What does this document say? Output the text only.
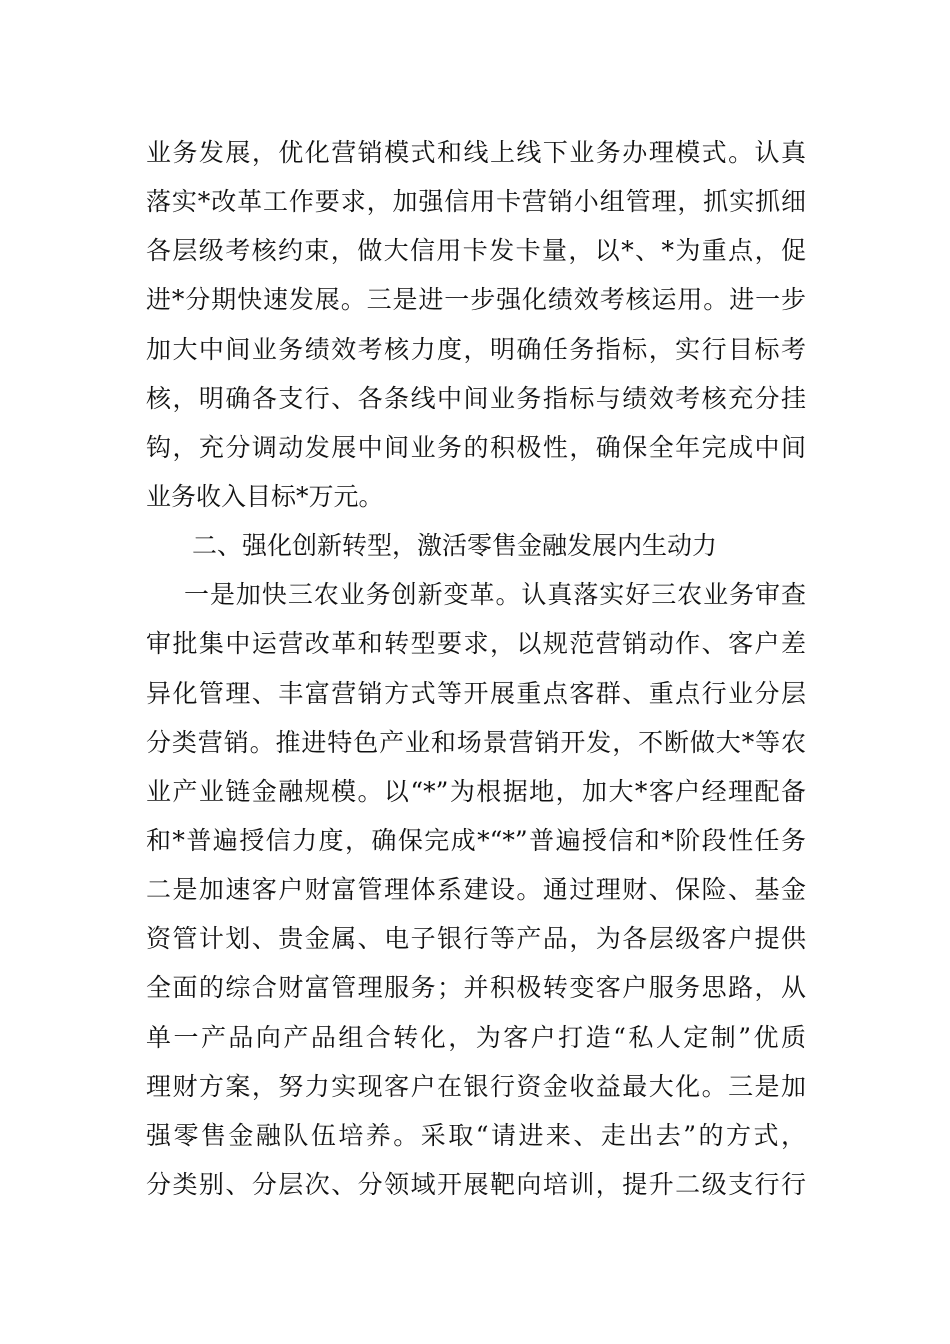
业务发展，优化营销模式和线上线下业务办理模式。认真
落实*改革工作要求，加强信用卡营销小组管理，抓实抓细
各层级考核约束，做大信用卡发卡量，以*、*为重点，促
进*分期快速发展。三是进一步强化绩效考核运用。进一步
加大中间业务绩效考核力度，明确任务指标，实行目标考
核，明确各支行、各条线中间业务指标与绩效考核充分挂
钩，充分调动发展中间业务的积极性，确保全年完成中间
业务收入目标*万元。
二、强化创新转型，激活零售金融发展内生动力
一是加快三农业务创新变革。认真落实好三农业务审查
审批集中运营改革和转型要求，以规范营销动作、客户差
异化管理、丰富营销方式等开展重点客群、重点行业分层
分类营销。推进特色产业和场景营销开发，不断做大*等农
业产业链金融规模。以“*”为根据地，加大*客户经理配备
和*普遍授信力度，确保完成*“*”普遍授信和*阶段性任务
二是加速客户财富管理体系建设。通过理财、保险、基金
资管计划、贵金属、电子银行等产品，为各层级客户提供
全面的综合财富管理服务；并积极转变客户服务思路，从
单一产品向产品组合转化，为客户打造“私人定制”优质
理财方案，努力实现客户在银行资金收益最大化。三是加
强零售金融队伍培养。采取“请进来、走出去”的方式，
分类别、分层次、分领域开展靶向培训，提升二级支行行
